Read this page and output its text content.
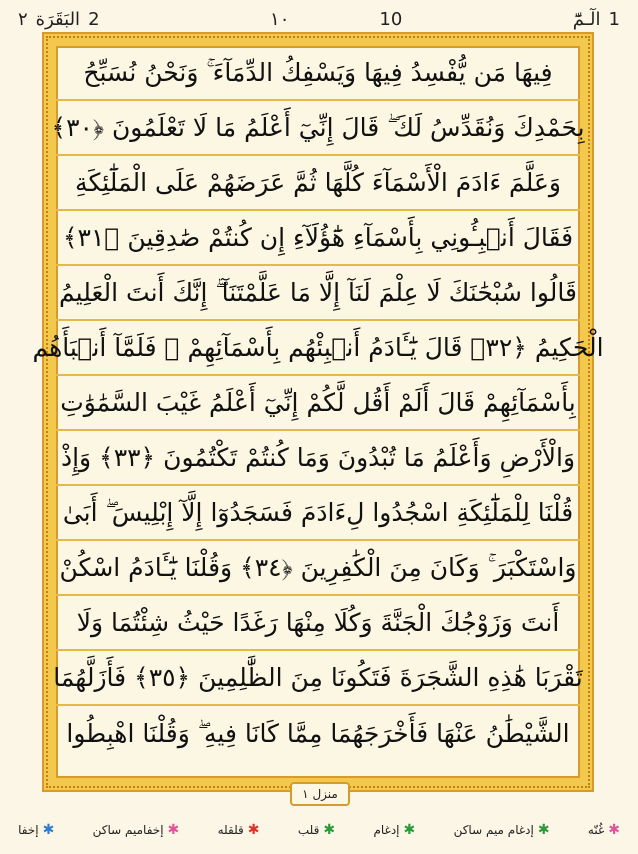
٢ البَقَرَة 2	١٠	10	الٓـمّٓ 1
فِيهَا مَن يُّفْسِدُ فِيهَا وَيَسْفِكُ الدِّمَآءَ ۚ وَنَحْنُ نُسَبِّحُ
بِحَمْدِكَ وَنُقَدِّسُ لَكَ ۖ قَالَ إِنِّيٓ أَعْلَمُ مَا لَا تَعْلَمُونَ ﴿٣٠﴾
وَعَلَّمَ ءَادَمَ الْأَسْمَآءَ كُلَّهَا ثُمَّ عَرَضَهُمْ عَلَى الْمَلَٰٓئِكَةِ
فَقَالَ أَنۢبِـُٔونِي بِأَسْمَآءِ هَٰٓؤُلَآءِ إِن كُنتُمْ صَٰدِقِينَ ﴿٣١﴾
قَالُوا سُبْحَٰنَكَ لَا عِلْمَ لَنَآ إِلَّا مَا عَلَّمْتَنَآ ۖ إِنَّكَ أَنتَ الْعَلِيمُ
الْحَكِيمُ ﴿٣٢﴾ قَالَ يَٰٓـَٔادَمُ أَنۢبِئْهُم بِأَسْمَآئِهِمْ ۖ فَلَمَّآ أَنۢبَأَهُم
بِأَسْمَآئِهِمْ قَالَ أَلَمْ أَقُل لَّكُمْ إِنِّيٓ أَعْلَمُ غَيْبَ السَّمَٰوَٰتِ
وَالْأَرْضِ وَأَعْلَمُ مَا تُبْدُونَ وَمَا كُنتُمْ تَكْتُمُونَ ﴿٣٣﴾ وَإِذْ
قُلْنَا لِلْمَلَٰٓئِكَةِ اسْجُدُوا لِءَادَمَ فَسَجَدُوٓا إِلَّآ إِبْلِيسَ ۖ أَبَىٰ
وَاسْتَكْبَرَ ۚ وَكَانَ مِنَ الْكَٰفِرِينَ ﴿٣٤﴾ وَقُلْنَا يَٰٓـَٔادَمُ اسْكُنْ
أَنتَ وَزَوْجُكَ الْجَنَّةَ وَكُلَا مِنْهَا رَغَدًا حَيْثُ شِئْتُمَا وَلَا
تَقْرَبَا هَٰذِهِ الشَّجَرَةَ فَتَكُونَا مِنَ الظَّٰلِمِينَ ﴿٣٥﴾ فَأَزَلَّهُمَا
الشَّيْطَٰنُ عَنْهَا فَأَخْرَجَهُمَا مِمَّا كَانَا فِيهِ ۖ وَقُلْنَا اهْبِطُوا
منزل ١
✱
إخفا	✱
إخفاميم ساكن	✱
قلقله	✱
قلب	✱
إدغام	✱
إدغام ميم ساكن	✱
غُنّه
